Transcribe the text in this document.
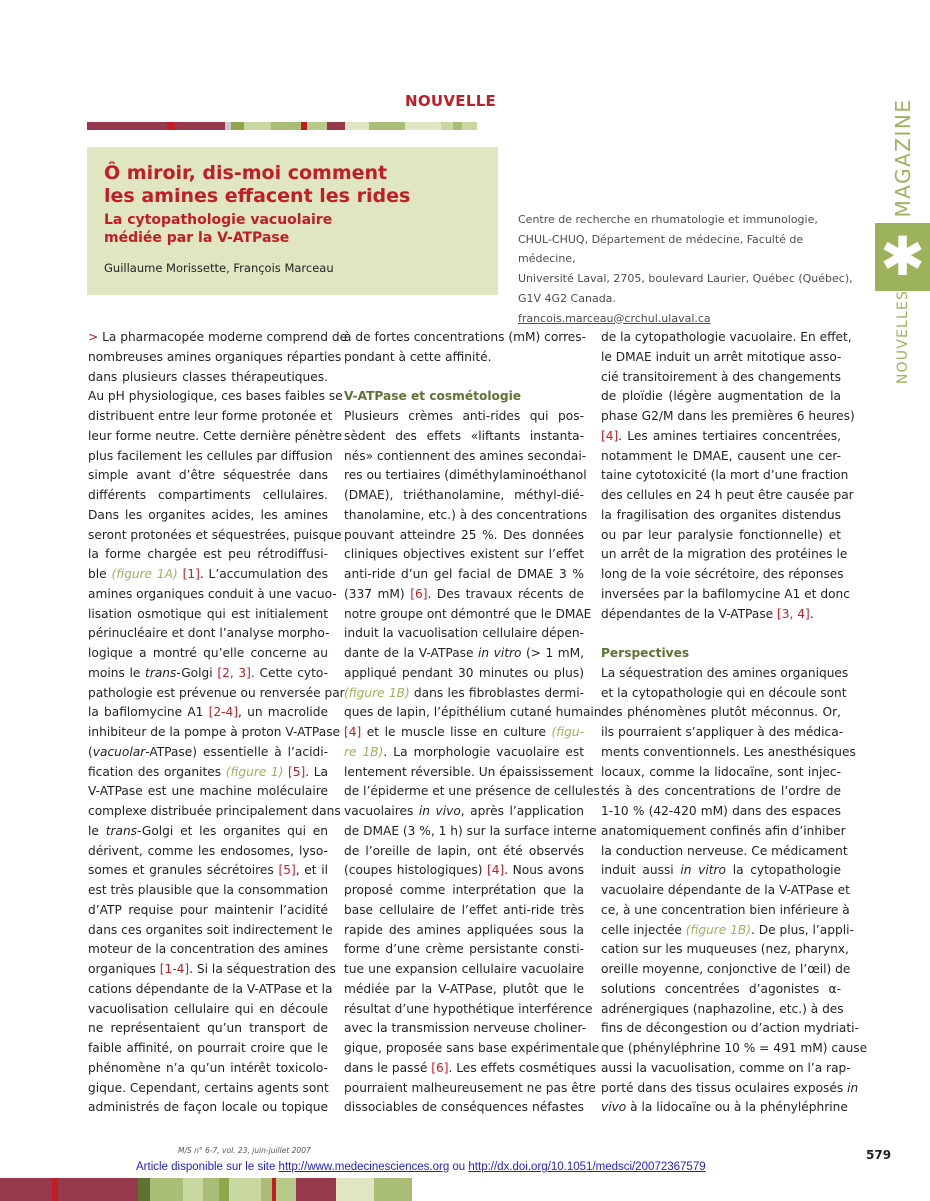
NOUVELLE
Ô miroir, dis-moi comment
les amines effacent les rides
La cytopathologie vacuolaire
médiée par la V-ATPase
Guillaume Morissette, François Marceau
Centre de recherche en rhumatologie et immunologie,
CHUL-CHUQ, Département de médecine, Faculté de médecine,
Université Laval, 2705, boulevard Laurier, Québec (Québec),
G1V 4G2 Canada.
francois.marceau@crchul.ulaval.ca
MAGAZINE
✱
NOUVELLES
> La pharmacopée moderne comprend de
nombreuses amines organiques réparties
dans plusieurs classes thérapeutiques.
Au pH physiologique, ces bases faibles se
distribuent entre leur forme protonée et
leur forme neutre. Cette dernière pénètre
plus facilement les cellules par diffusion
simple avant d’être séquestrée dans
différents compartiments cellulaires.
Dans les organites acides, les amines
seront protonées et séquestrées, puisque
la forme chargée est peu rétrodiffusi-
ble (figure 1A) [1]. L’accumulation des
amines organiques conduit à une vacuo-
lisation osmotique qui est initialement
périnucléaire et dont l’analyse morpho-
logique a montré qu’elle concerne au
moins le trans-Golgi [2, 3]. Cette cyto-
pathologie est prévenue ou renversée par
la bafilomycine A1 [2-4], un macrolide
inhibiteur de la pompe à proton V-ATPase
(vacuolar-ATPase) essentielle à l’acidi-
fication des organites (figure 1) [5]. La
V-ATPase est une machine moléculaire
complexe distribuée principalement dans
le trans-Golgi et les organites qui en
dérivent, comme les endosomes, lyso-
somes et granules sécrétoires [5], et il
est très plausible que la consommation
d’ATP requise pour maintenir l’acidité
dans ces organites soit indirectement le
moteur de la concentration des amines
organiques [1-4]. Si la séquestration des
cations dépendante de la V-ATPase et la
vacuolisation cellulaire qui en découle
ne représentaient qu’un transport de
faible affinité, on pourrait croire que le
phénomène n’a qu’un intérêt toxicolo-
gique. Cependant, certains agents sont
administrés de façon locale ou topique
à de fortes concentrations (mM) corres-
pondant à cette affinité.
V-ATPase et cosmétologie
Plusieurs crèmes anti-rides qui pos-
sèdent des effets «liftants instanta-
nés» contiennent des amines secondai-
res ou tertiaires (diméthylaminoéthanol
(DMAE), triéthanolamine, méthyl-dié-
thanolamine, etc.) à des concentrations
pouvant atteindre 25 %. Des données
cliniques objectives existent sur l’effet
anti-ride d’un gel facial de DMAE 3 %
(337 mM) [6]. Des travaux récents de
notre groupe ont démontré que le DMAE
induit la vacuolisation cellulaire dépen-
dante de la V-ATPase in vitro (> 1 mM,
appliqué pendant 30 minutes ou plus)
(figure 1B) dans les fibroblastes dermi-
ques de lapin, l’épithélium cutané humain
[4] et le muscle lisse en culture (figu-
re 1B). La morphologie vacuolaire est
lentement réversible. Un épaississement
de l’épiderme et une présence de cellules
vacuolaires in vivo, après l’application
de DMAE (3 %, 1 h) sur la surface interne
de l’oreille de lapin, ont été observés
(coupes histologiques) [4]. Nous avons
proposé comme interprétation que la
base cellulaire de l’effet anti-ride très
rapide des amines appliquées sous la
forme d’une crème persistante consti-
tue une expansion cellulaire vacuolaire
médiée par la V-ATPase, plutôt que le
résultat d’une hypothétique interférence
avec la transmission nerveuse choliner-
gique, proposée sans base expérimentale
dans le passé [6]. Les effets cosmétiques
pourraient malheureusement ne pas être
dissociables de conséquences néfastes
de la cytopathologie vacuolaire. En effet,
le DMAE induit un arrêt mitotique asso-
cié transitoirement à des changements
de ploïdie (légère augmentation de la
phase G2/M dans les premières 6 heures)
[4]. Les amines tertiaires concentrées,
notamment le DMAE, causent une cer-
taine cytotoxicité (la mort d’une fraction
des cellules en 24 h peut être causée par
la fragilisation des organites distendus
ou par leur paralysie fonctionnelle) et
un arrêt de la migration des protéines le
long de la voie sécrétoire, des réponses
inversées par la bafilomycine A1 et donc
dépendantes de la V-ATPase [3, 4].
Perspectives
La séquestration des amines organiques
et la cytopathologie qui en découle sont
des phénomènes plutôt méconnus. Or,
ils pourraient s’appliquer à des médica-
ments conventionnels. Les anesthésiques
locaux, comme la lidocaïne, sont injec-
tés à des concentrations de l’ordre de
1-10 % (42-420 mM) dans des espaces
anatomiquement confinés afin d’inhiber
la conduction nerveuse. Ce médicament
induit aussi in vitro la cytopathologie
vacuolaire dépendante de la V-ATPase et
ce, à une concentration bien inférieure à
celle injectée (figure 1B). De plus, l’appli-
cation sur les muqueuses (nez, pharynx,
oreille moyenne, conjonctive de l’œil) de
solutions concentrées d’agonistes α-
adrénergiques (naphazoline, etc.) à des
fins de décongestion ou d’action mydriati-
que (phényléphrine 10 % = 491 mM) cause
aussi la vacuolisation, comme on l’a rap-
porté dans des tissus oculaires exposés in
vivo à la lidocaïne ou à la phényléphrine
M/S n° 6-7, vol. 23, juin-juillet 2007	579
Article disponible sur le site http://www.medecinesciences.org ou http://dx.doi.org/10.1051/medsci/20072367579
